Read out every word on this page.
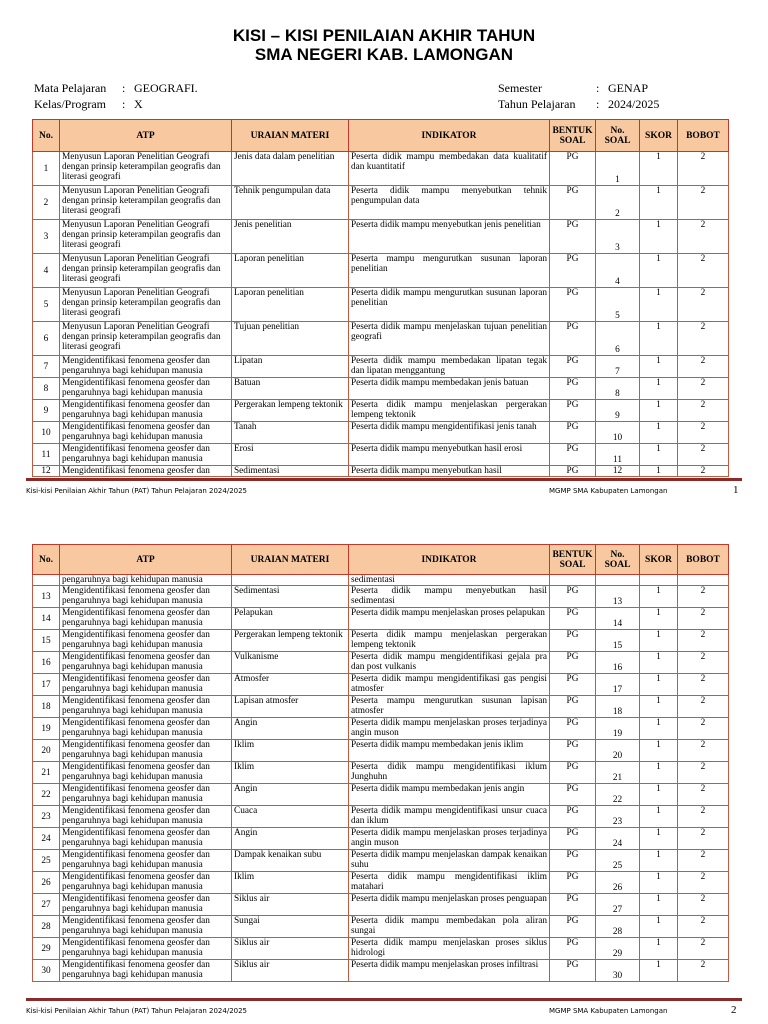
KISI – KISI PENILAIAN AKHIR TAHUN
SMA NEGERI KAB. LAMONGAN
Mata Pelajaran	:	GEOGRAFI.
Kelas/Program	:	X
Semester	:	GENAP
Tahun Pelajaran	:	2024/2025
No.	ATP	URAIAN MATERI	INDIKATOR	BENTUK SOAL	No. SOAL	SKOR	BOBOT
1	Menyusun Laporan Penelitian Geografi dengan prinsip keterampilan geografis dan literasi geografi	Jenis data dalam penelitian	Peserta didik mampu membedakan data kualitatif dan kuantitatif	PG	1	1	2
2	Menyusun Laporan Penelitian Geografi dengan prinsip keterampilan geografis dan literasi geografi	Tehnik pengumpulan data	Peserta didik mampu menyebutkan tehnik pengumpulan data	PG	2	1	2
3	Menyusun Laporan Penelitian Geografi dengan prinsip keterampilan geografis dan literasi geografi	Jenis penelitian	Peserta didik mampu menyebutkan jenis penelitian	PG	3	1	2
4	Menyusun Laporan Penelitian Geografi dengan prinsip keterampilan geografis dan literasi geografi	Laporan penelitian	Peserta mampu mengurutkan susunan laporan penelitian	PG	4	1	2
5	Menyusun Laporan Penelitian Geografi dengan prinsip keterampilan geografis dan literasi geografi	Laporan penelitian	Peserta didik mampu mengurutkan susunan laporan penelitian	PG	5	1	2
6	Menyusun Laporan Penelitian Geografi dengan prinsip keterampilan geografis dan literasi geografi	Tujuan penelitian	Peserta didik mampu menjelaskan tujuan penelitian geografi	PG	6	1	2
7	Mengidentifikasi fenomena geosfer dan pengaruhnya bagi kehidupan manusia	Lipatan	Peserta didik mampu membedakan lipatan tegak dan lipatan menggantung	PG	7	1	2
8	Mengidentifikasi fenomena geosfer dan pengaruhnya bagi kehidupan manusia	Batuan	Peserta didik mampu membedakan jenis batuan	PG	8	1	2
9	Mengidentifikasi fenomena geosfer dan pengaruhnya bagi kehidupan manusia	Pergerakan lempeng tektonik	Peserta didik mampu menjelaskan pergerakan lempeng tektonik	PG	9	1	2
10	Mengidentifikasi fenomena geosfer dan pengaruhnya bagi kehidupan manusia	Tanah	Peserta didik mampu mengidentifikasi jenis tanah	PG	10	1	2
11	Mengidentifikasi fenomena geosfer dan pengaruhnya bagi kehidupan manusia	Erosi	Peserta didik mampu menyebutkan hasil erosi	PG	11	1	2
12	Mengidentifikasi fenomena geosfer dan	Sedimentasi	Peserta didik mampu menyebutkan hasil	PG	12	1	2
Kisi-kisi Penilaian Akhir Tahun (PAT) Tahun Pelajaran 2024/2025	MGMP SMA Kabupaten Lamongan	1
No.	ATP	URAIAN MATERI	INDIKATOR	BENTUK SOAL	No. SOAL	SKOR	BOBOT
	pengaruhnya bagi kehidupan manusia		sedimentasi				
13	Mengidentifikasi fenomena geosfer dan pengaruhnya bagi kehidupan manusia	Sedimentasi	Peserta didik mampu menyebutkan hasil sedimentasi	PG	13	1	2
14	Mengidentifikasi fenomena geosfer dan pengaruhnya bagi kehidupan manusia	Pelapukan	Peserta didik mampu menjelaskan proses pelapukan	PG	14	1	2
15	Mengidentifikasi fenomena geosfer dan pengaruhnya bagi kehidupan manusia	Pergerakan lempeng tektonik	Peserta didik mampu menjelaskan pergerakan lempeng tektonik	PG	15	1	2
16	Mengidentifikasi fenomena geosfer dan pengaruhnya bagi kehidupan manusia	Vulkanisme	Peserta didik mampu mengidentifikasi gejala pra dan post vulkanis	PG	16	1	2
17	Mengidentifikasi fenomena geosfer dan pengaruhnya bagi kehidupan manusia	Atmosfer	Peserta didik mampu mengidentifikasi gas pengisi atmosfer	PG	17	1	2
18	Mengidentifikasi fenomena geosfer dan pengaruhnya bagi kehidupan manusia	Lapisan atmosfer	Peserta mampu mengurutkan susunan lapisan atmosfer	PG	18	1	2
19	Mengidentifikasi fenomena geosfer dan pengaruhnya bagi kehidupan manusia	Angin	Peserta didik mampu menjelaskan proses terjadinya angin muson	PG	19	1	2
20	Mengidentifikasi fenomena geosfer dan pengaruhnya bagi kehidupan manusia	Iklim	Peserta didik mampu membedakan jenis iklim	PG	20	1	2
21	Mengidentifikasi fenomena geosfer dan pengaruhnya bagi kehidupan manusia	Iklim	Peserta didik mampu mengidentifikasi iklum Junghuhn	PG	21	1	2
22	Mengidentifikasi fenomena geosfer dan pengaruhnya bagi kehidupan manusia	Angin	Peserta didik mampu membedakan jenis angin	PG	22	1	2
23	Mengidentifikasi fenomena geosfer dan pengaruhnya bagi kehidupan manusia	Cuaca	Peserta didik mampu mengidentifikasi unsur cuaca dan iklum	PG	23	1	2
24	Mengidentifikasi fenomena geosfer dan pengaruhnya bagi kehidupan manusia	Angin	Peserta didik mampu menjelaskan proses terjadinya angin muson	PG	24	1	2
25	Mengidentifikasi fenomena geosfer dan pengaruhnya bagi kehidupan manusia	Dampak kenaikan subu	Peserta didik mampu menjelaskan dampak kenaikan suhu	PG	25	1	2
26	Mengidentifikasi fenomena geosfer dan pengaruhnya bagi kehidupan manusia	Iklim	Peserta didik mampu mengidentifikasi iklim matahari	PG	26	1	2
27	Mengidentifikasi fenomena geosfer dan pengaruhnya bagi kehidupan manusia	Siklus air	Peserta didik mampu menjelaskan proses penguapan	PG	27	1	2
28	Mengidentifikasi fenomena geosfer dan pengaruhnya bagi kehidupan manusia	Sungai	Peserta didik mampu membedakan pola aliran sungai	PG	28	1	2
29	Mengidentifikasi fenomena geosfer dan pengaruhnya bagi kehidupan manusia	Siklus air	Peserta didik mampu menjelaskan proses siklus hidrologi	PG	29	1	2
30	Mengidentifikasi fenomena geosfer dan pengaruhnya bagi kehidupan manusia	Siklus air	Peserta didik mampu menjelaskan proses infiltrasi	PG	30	1	2
Kisi-kisi Penilaian Akhir Tahun (PAT) Tahun Pelajaran 2024/2025	MGMP SMA Kabupaten Lamongan	2
